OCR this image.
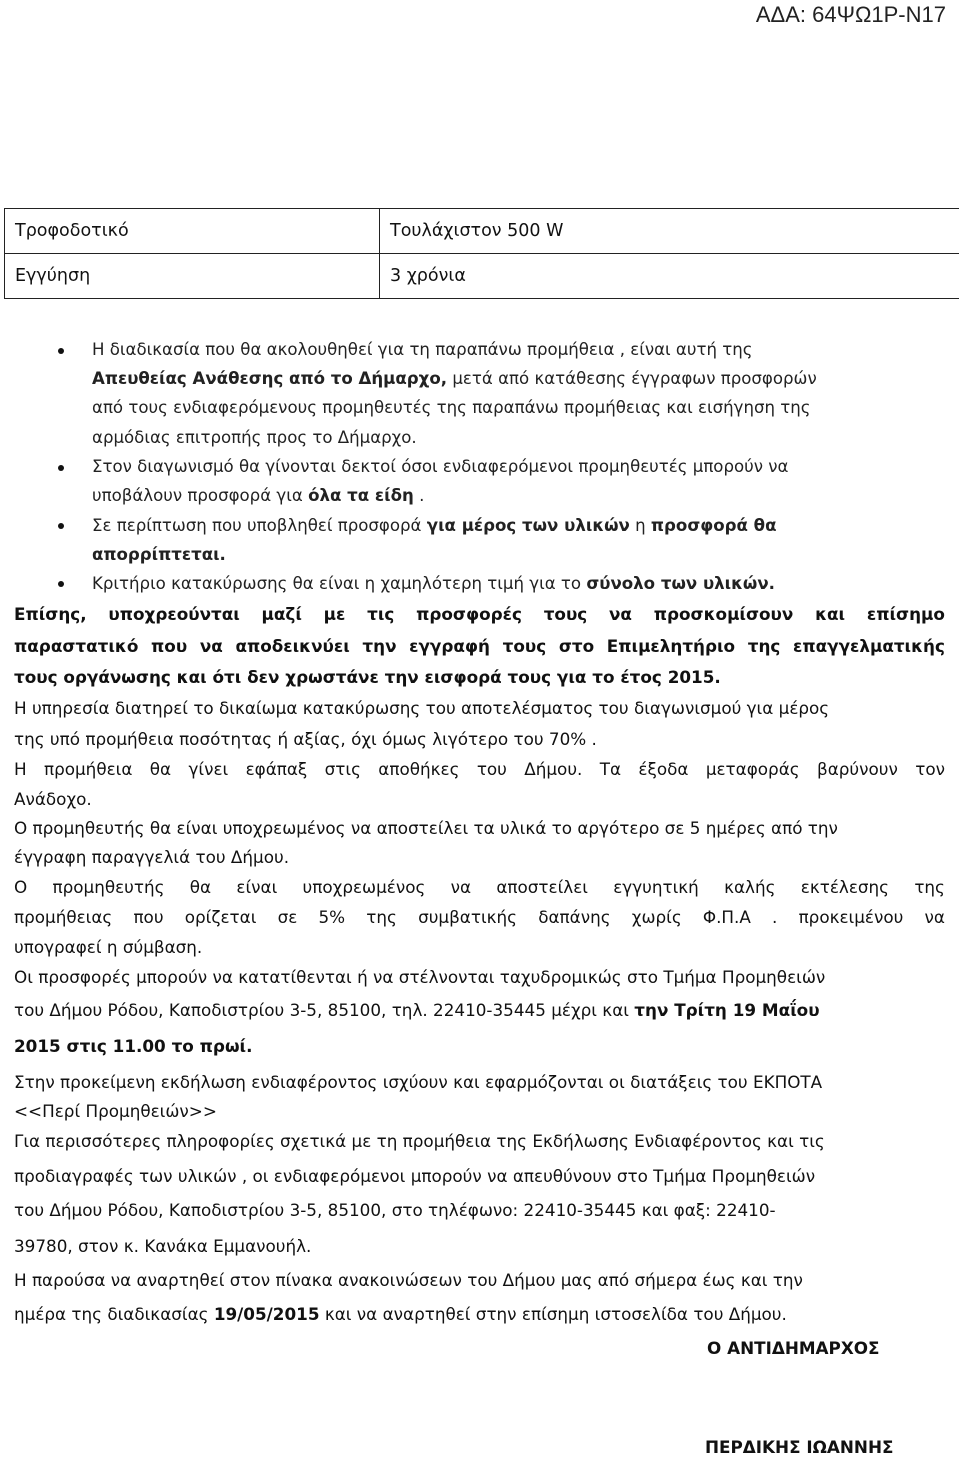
ΑΔΑ: 64ΨΩ1Ρ-Ν17
Τροφοδοτικό	Τουλάχιστον 500 W
Εγγύηση	3 χρόνια

Η διαδικασία που θα ακολουθηθεί για τη παραπάνω προμήθεια , είναι αυτή της

Απευθείας Ανάθεσης από το Δήμαρχο, μετά από κατάθεσης έγγραφων προσφορών

από τους ενδιαφερόμενους προμηθευτές της παραπάνω προμήθειας και εισήγηση της

αρμόδιας επιτροπής προς το Δήμαρχο.

Στον διαγωνισμό θα γίνονται δεκτοί όσοι ενδιαφερόμενοι προμηθευτές μπορούν να

υποβάλουν προσφορά για όλα τα είδη .

Σε περίπτωση που υποβληθεί προσφορά για μέρος των υλικών η προσφορά θα

απορρίπτεται.

Κριτήριο κατακύρωσης θα είναι η χαμηλότερη τιμή για το σύνολο των υλικών.

Επίσης, υποχρεούνται μαζί με τις προσφορές τους να προσκομίσουν και επίσημο
παραστατικό που να αποδεικνύει την εγγραφή τους στο Επιμελητήριο της επαγγελματικής

τους οργάνωσης και ότι δεν χρωστάνε την εισφορά τους για το έτος 2015.

Η υπηρεσία διατηρεί το δικαίωμα κατακύρωσης του αποτελέσματος του διαγωνισμού για μέρος

της υπό προμήθεια ποσότητας ή αξίας, όχι όμως λιγότερο του 70% .

Η προμήθεια θα γίνει εφάπαξ στις αποθήκες του Δήμου. Τα έξοδα μεταφοράς βαρύνουν τον

Ανάδοχο.

Ο προμηθευτής θα είναι υποχρεωμένος να αποστείλει τα υλικά το αργότερο σε 5 ημέρες από την

έγγραφη παραγγελιά του Δήμου.

Ο προμηθευτής θα είναι υποχρεωμένος να αποστείλει εγγυητική καλής εκτέλεσης της
προμήθειας που ορίζεται σε 5% της συμβατικής δαπάνης χωρίς Φ.Π.Α . προκειμένου να

υπογραφεί η σύμβαση.

Οι προσφορές μπορούν να κατατίθενται ή να στέλνονται ταχυδρομικώς στο Τμήμα Προμηθειών

του Δήμου Ρόδου, Καποδιστρίου 3-5, 85100, τηλ. 22410-35445 μέχρι και την Τρίτη 19 Μαΐου

2015 στις 11.00 το πρωί.

Στην προκείμενη εκδήλωση ενδιαφέροντος ισχύουν και εφαρμόζονται οι διατάξεις του ΕΚΠΟΤΑ

<<Περί Προμηθειών>>

Για περισσότερες πληροφορίες σχετικά με τη προμήθεια της Εκδήλωσης Ενδιαφέροντος και τις

προδιαγραφές των υλικών , οι ενδιαφερόμενοι μπορούν να απευθύνουν στο Τμήμα Προμηθειών

του Δήμου Ρόδου, Καποδιστρίου 3-5, 85100, στο τηλέφωνο: 22410-35445 και φαξ: 22410-

39780, στον κ. Κανάκα Εμμανουήλ.

Η παρούσα να αναρτηθεί στον πίνακα ανακοινώσεων του Δήμου μας από σήμερα έως και την

ημέρα της διαδικασίας 19/05/2015 και να αναρτηθεί στην επίσημη ιστοσελίδα του Δήμου.

Ο ΑΝΤΙΔΗΜΑΡΧΟΣ

ΠΕΡΔΙΚΗΣ ΙΩΑΝΝΗΣ
